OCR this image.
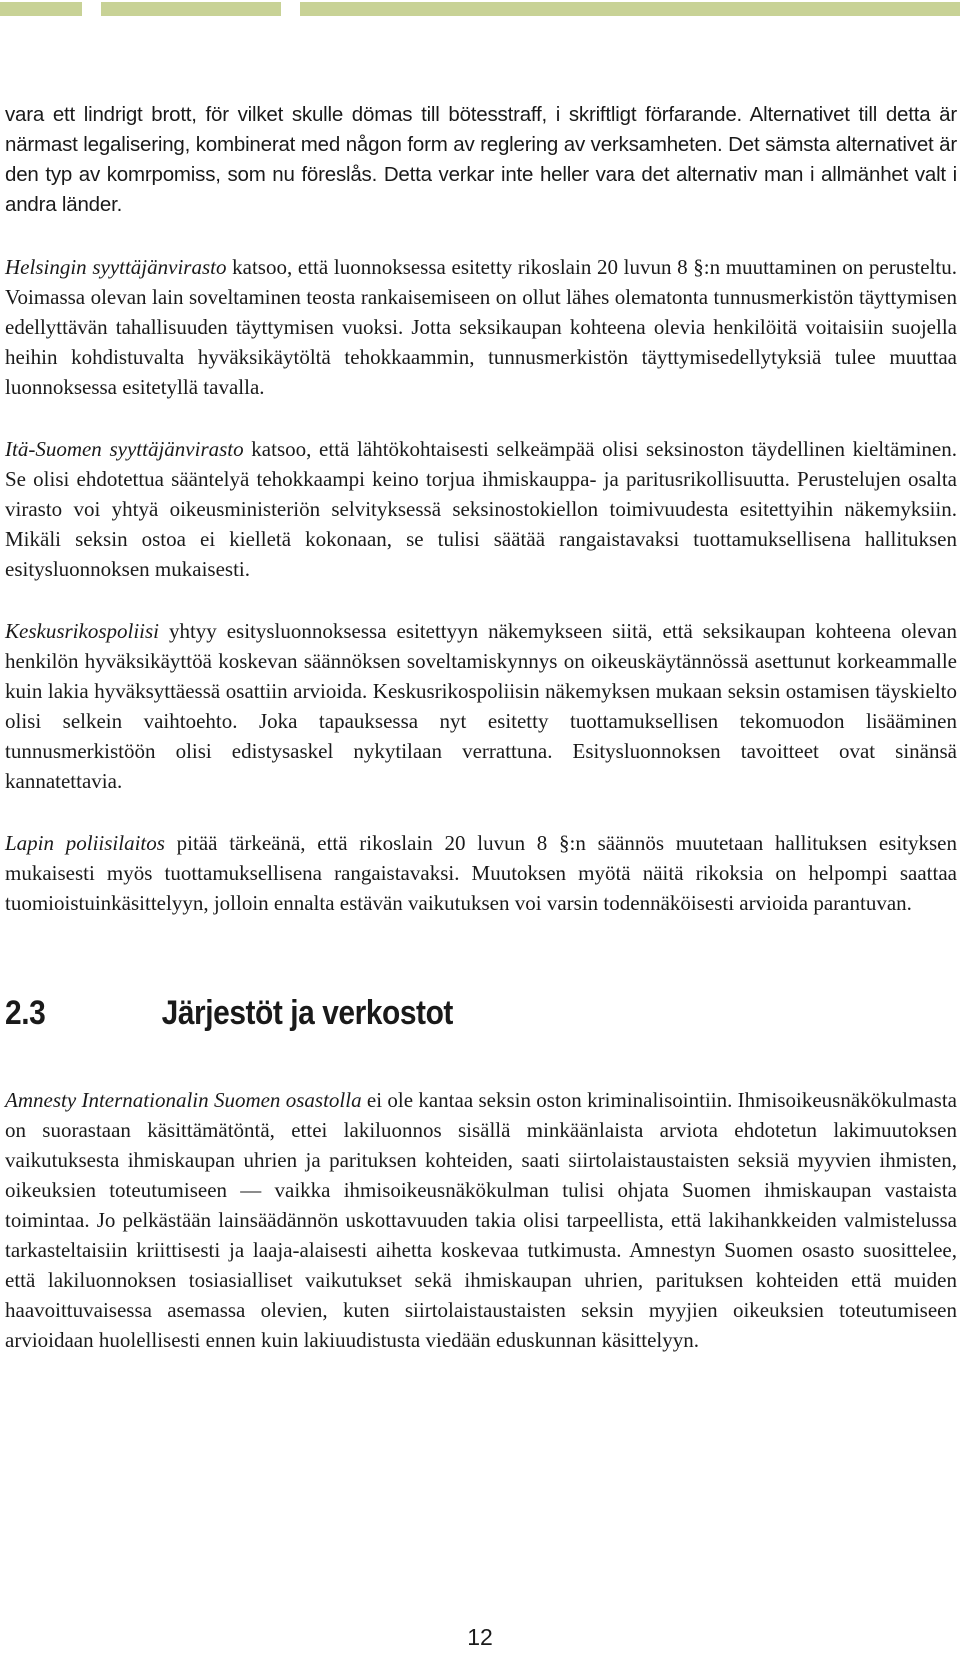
vara ett lindrigt brott, för vilket skulle dömas till bötesstraff, i skriftligt förfarande. Alternativet till detta är närmast legalisering, kombinerat med någon form av reglering av verksamheten. Det sämsta alternativet är den typ av komrpomiss, som nu föreslås. Detta verkar inte heller vara det alternativ man i allmänhet valt i andra länder.

Helsingin syyttäjänvirasto katsoo, että luonnoksessa esitetty rikoslain 20 luvun 8 §:n muuttaminen on perusteltu. Voimassa olevan lain soveltaminen teosta rankaisemiseen on ollut lähes olematonta tunnusmerkistön täyttymisen edellyttävän tahallisuuden täyttymisen vuoksi. Jotta seksikaupan kohteena olevia henkilöitä voitaisiin suojella heihin kohdistuvalta hyväksikäytöltä tehokkaammin, tunnusmerkistön täyttymisedellytyksiä tulee muuttaa luonnoksessa esitetyllä tavalla.

Itä-Suomen syyttäjänvirasto katsoo, että lähtökohtaisesti selkeämpää olisi seksinoston täydellinen kieltäminen. Se olisi ehdotettua sääntelyä tehokkaampi keino torjua ihmiskauppa- ja paritusrikollisuutta. Perustelujen osalta virasto voi yhtyä oikeusministeriön selvityksessä seksinostokiellon toimivuudesta esitettyihin näkemyksiin. Mikäli seksin ostoa ei kielletä kokonaan, se tulisi säätää rangaistavaksi tuottamuksellisena hallituksen esitysluonnoksen mukaisesti.

Keskusrikospoliisi yhtyy esitysluonnoksessa esitettyyn näkemykseen siitä, että seksikaupan kohteena olevan henkilön hyväksikäyttöä koskevan säännöksen soveltamiskynnys on oikeuskäytännössä asettunut korkeammalle kuin lakia hyväksyttäessä osattiin arvioida. Keskusrikospoliisin näkemyksen mukaan seksin ostamisen täyskielto olisi selkein vaihtoehto. Joka tapauksessa nyt esitetty tuottamuksellisen tekomuodon lisääminen tunnusmerkistöön olisi edistysaskel nykytilaan verrattuna. Esitysluonnoksen tavoitteet ovat sinänsä kannatettavia.

Lapin poliisilaitos pitää tärkeänä, että rikoslain 20 luvun 8 §:n säännös muutetaan hallituksen esityksen mukaisesti myös tuottamuksellisena rangaistavaksi. Muutoksen myötä näitä rikoksia on helpompi saattaa tuomioistuinkäsittelyyn, jolloin ennalta estävän vaikutuksen voi varsin todennäköisesti arvioida parantuvan.

2.3	Järjestöt ja verkostot

Amnesty Internationalin Suomen osastolla ei ole kantaa seksin oston kriminalisointiin. Ihmisoikeusnäkökulmasta on suorastaan käsittämätöntä, ettei lakiluonnos sisällä minkäänlaista arviota ehdotetun lakimuutoksen vaikutuksesta ihmiskaupan uhrien ja parituksen kohteiden, saati siirtolaistaustaisten seksiä myyvien ihmisten, oikeuksien toteutumiseen — vaikka ihmisoikeusnäkökulman tulisi ohjata Suomen ihmiskaupan vastaista toimintaa. Jo pelkästään lainsäädännön uskottavuuden takia olisi tarpeellista, että lakihankkeiden valmistelussa tarkasteltaisiin kriittisesti ja laaja-alaisesti aihetta koskevaa tutkimusta. Amnestyn Suomen osasto suosittelee, että lakiluonnoksen tosiasialliset vaikutukset sekä ihmiskaupan uhrien, parituksen kohteiden että muiden haavoittuvaisessa asemassa olevien, kuten siirtolaistaustaisten seksin myyjien oikeuksien toteutumiseen arvioidaan huolellisesti ennen kuin lakiuudistusta viedään eduskunnan käsittelyyn.

12
